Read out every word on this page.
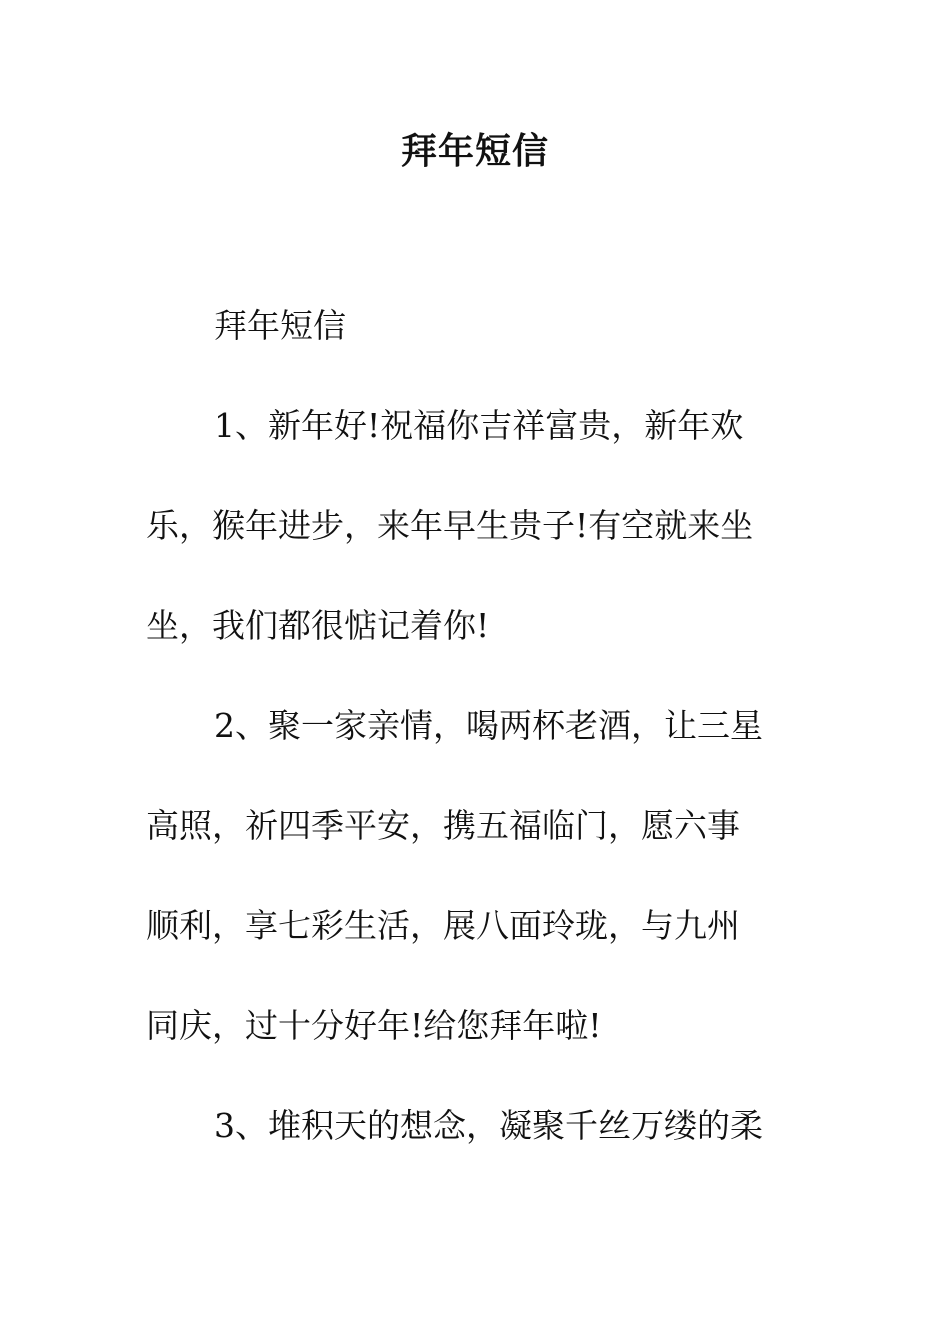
拜年短信
拜年短信
1、新年好!祝福你吉祥富贵，新年欢
乐，猴年进步，来年早生贵子!有空就来坐
坐，我们都很惦记着你!
2、聚一家亲情，喝两杯老酒，让三星
高照，祈四季平安，携五福临门，愿六事
顺利，享七彩生活，展八面玲珑，与九州
同庆，过十分好年!给您拜年啦!
3、堆积天的想念，凝聚千丝万缕的柔
